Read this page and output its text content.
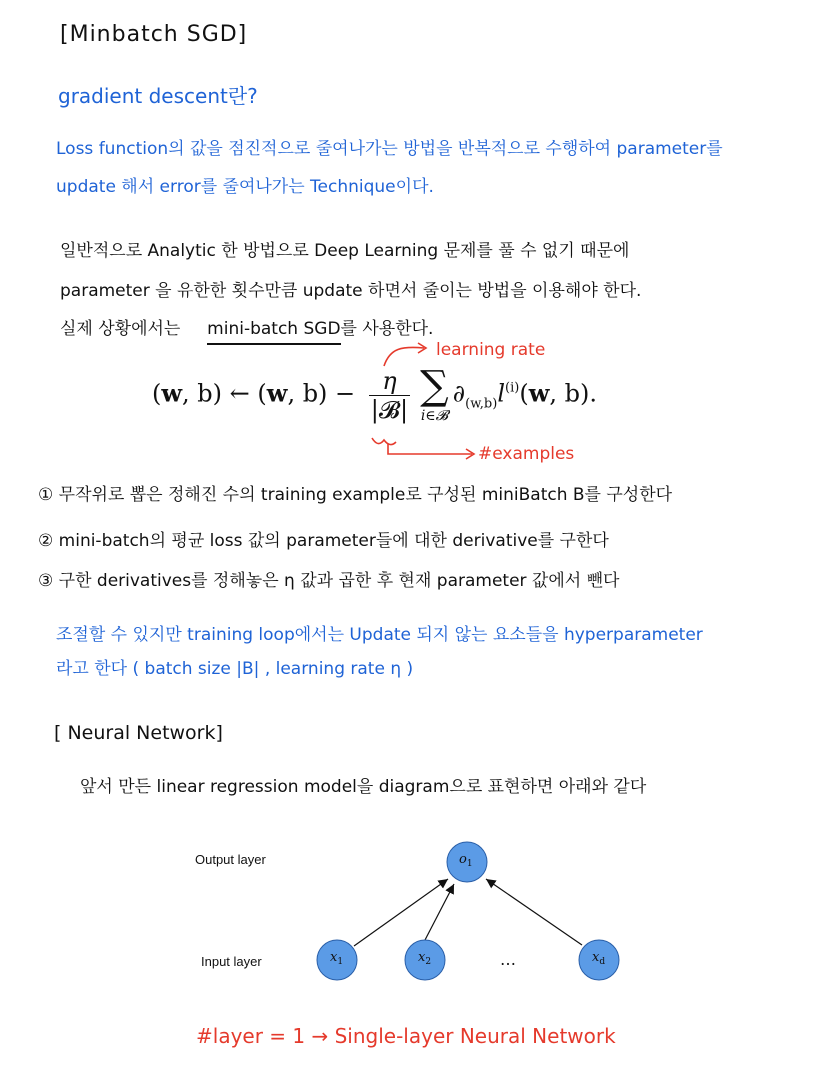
[Minbatch SGD]
gradient descent란?
Loss function의 값을 점진적으로 줄여나가는 방법을 반복적으로 수행하여 parameter를
update 해서 error를 줄여나가는 Technique이다.
일반적으로 Analytic 한 방법으로 Deep Learning 문제를 풀 수 없기 때문에
parameter 을 유한한 횟수만큼 update 하면서 줄이는 방법을 이용해야 한다.
실제 상황에서는 mini-batch SGD를 사용한다.
learning rate
(w, b) ← (w, $b) - \frac{\eta}{\text{|𝓑|}}$ ∑
i∈𝓑
$\partial_{(w,b)}l^{(i)}(w$, b).
#examples
① 무작위로 뽑은 정해진 수의 training example로 구성된 miniBatch B를 구성한다
② mini-batch의 평균 loss 값의 parameter들에 대한 derivative를 구한다
③ 구한 derivatives를 정해놓은 η 값과 곱한 후 현재 parameter 값에서 뺀다
조절할 수 있지만 training loop에서는 Update 되지 않는 요소들을 hyperparameter
라고 한다 ( batch size |B| , learning rate η )
[ Neural Network]
앞서 만든 linear regression model을 diagram으로 표현하면 아래와 같다
Output layer
Input layer
$o_1$
$x_1$	$x_2$	$x_d$
…
#layer = 1 → Single-layer Neural Network
